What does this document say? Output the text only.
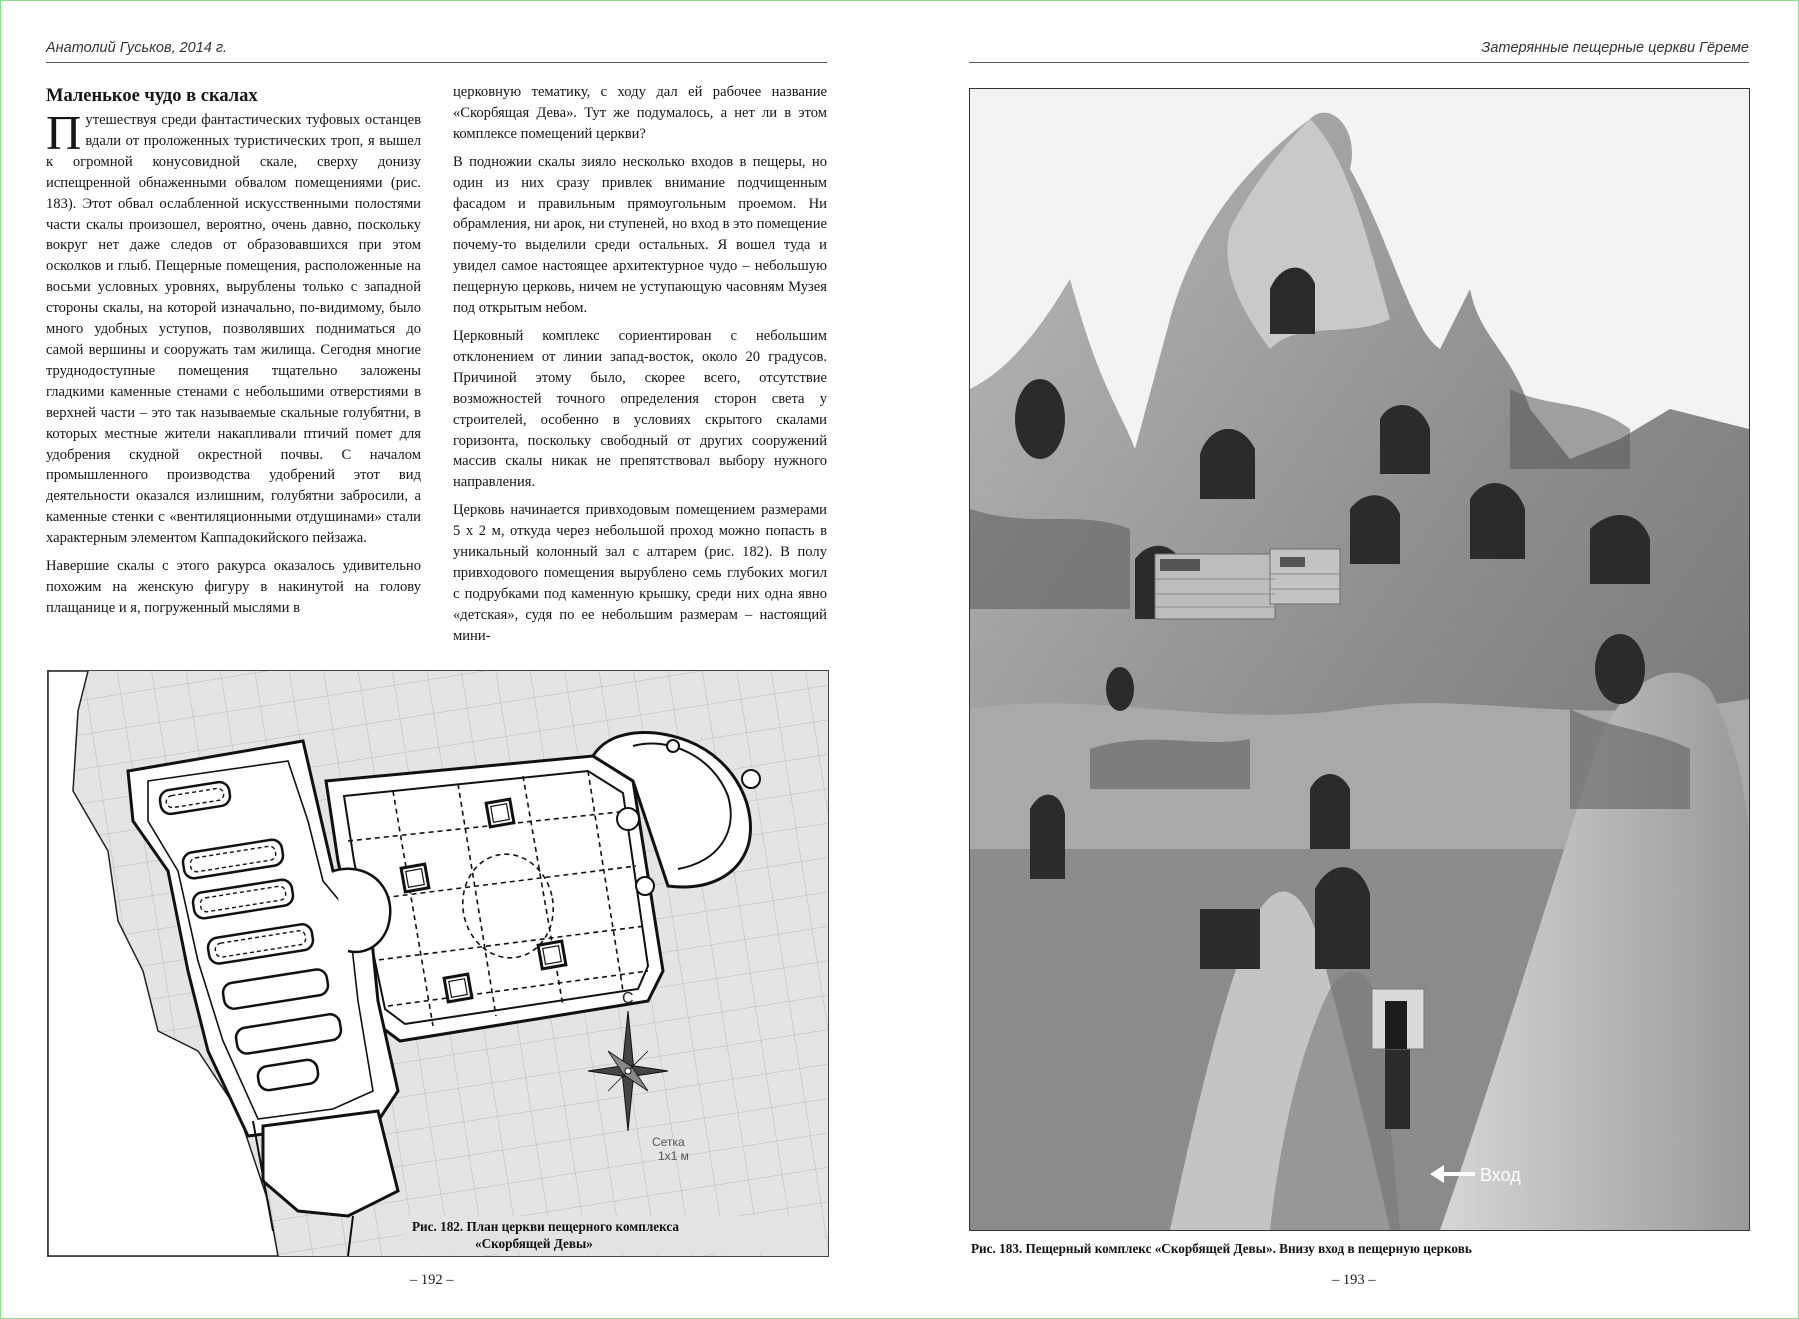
Анатолий Гуськов, 2014 г.
Маленькое чудо в скалах

Путешествуя среди фантастических туфовых останцев вдали от проложенных туристических троп, я вышел к огромной конусовидной скале, сверху донизу испещренной обнаженными обвалом помещениями (рис. 183). Этот обвал ослабленной искусственными полостями части скалы произошел, вероятно, очень давно, поскольку вокруг нет даже следов от образовавшихся при этом осколков и глыб. Пещерные помещения, расположенные на восьми условных уровнях, вырублены только с западной стороны скалы, на которой изначально, по-видимому, было много удобных уступов, позволявших подниматься до самой вершины и сооружать там жилища. Сегодня многие труднодоступные помещения тщательно заложены гладкими каменные стенами с небольшими отверстиями в верхней части – это так называемые скальные голубятни, в которых местные жители накапливали птичий помет для удобрения скудной окрестной почвы. С началом промышленного производства удобрений этот вид деятельности оказался излишним, голубятни забросили, а каменные стенки с «вентиляционными отдушинами» стали характерным элементом Каппадокийского пейзажа.

Навершие скалы с этого ракурса оказалось удивительно похожим на женскую фигуру в накинутой на голову плащанице и я, погруженный мыслями в

церковную тематику, с ходу дал ей рабочее название «Скорбящая Дева». Тут же подумалось, а нет ли в этом комплексе помещений церкви?

В подножии скалы зияло несколько входов в пещеры, но один из них сразу привлек внимание подчищенным фасадом и правильным прямоугольным проемом. Ни обрамления, ни арок, ни ступеней, но вход в это помещение почему-то выделили среди остальных. Я вошел туда и увидел самое настоящее архитектурное чудо – небольшую пещерную церковь, ничем не уступающую часовням Музея под открытым небом.

Церковный комплекс сориентирован с небольшим отклонением от линии запад-восток, около 20 градусов. Причиной этому было, скорее всего, отсутствие возможностей точного определения сторон света у строителей, особенно в условиях скрытого скалами горизонта, поскольку свободный от других сооружений массив скалы никак не препятствовал выбору нужного направления.

Церковь начинается привходовым помещением размерами 5 х 2 м, откуда через небольшой проход можно попасть в уникальный колонный зал с алтарем (рис. 182). В полу привходового помещения вырублено семь глубоких могил с подрубками под каменную крышку, среди них одна явно «детская», судя по ее небольшим размерам – настоящий мини-

С
Сетка
1х1 м
Рис. 182. План церкви пещерного комплекса
«Скорбящей Девы»
– 192 –
Затерянные пещерные церкви Гёреме
Вход
Рис. 183. Пещерный комплекс «Скорбящей Девы». Внизу вход в пещерную церковь
– 193 –
